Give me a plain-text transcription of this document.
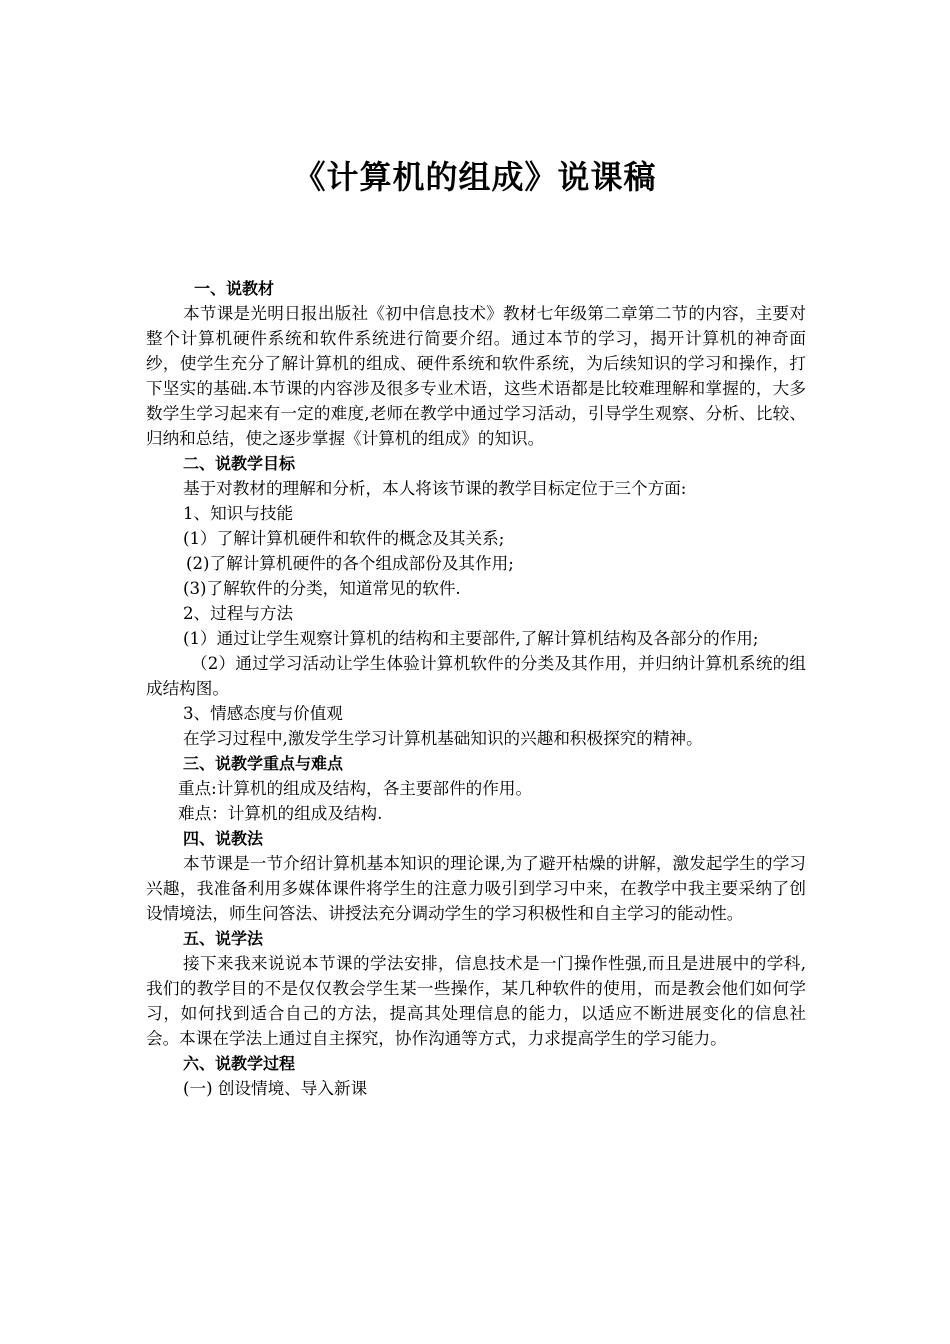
《计算机的组成》说课稿

一、说教材

本节课是光明日报出版社《初中信息技术》教材七年级第二章第二节的内容，主要对整个计算机硬件系统和软件系统进行简要介绍。通过本节的学习，揭开计算机的神奇面纱，使学生充分了解计算机的组成、硬件系统和软件系统，为后续知识的学习和操作，打下坚实的基础.本节课的内容涉及很多专业术语，这些术语都是比较难理解和掌握的，大多数学生学习起来有一定的难度,老师在教学中通过学习活动，引导学生观察、分析、比较、归纳和总结，使之逐步掌握《计算机的组成》的知识。

二、说教学目标

基于对教材的理解和分析，本人将该节课的教学目标定位于三个方面:

1、知识与技能

(1）了解计算机硬件和软件的概念及其关系;

(2)了解计算机硬件的各个组成部份及其作用;

(3)了解软件的分类，知道常见的软件.

2、过程与方法

(1）通过让学生观察计算机的结构和主要部件,了解计算机结构及各部分的作用;

（2）通过学习活动让学生体验计算机软件的分类及其作用，并归纳计算机系统的组成结构图。

3、情感态度与价值观

在学习过程中,激发学生学习计算机基础知识的兴趣和积极探究的精神。

三、说教学重点与难点

重点:计算机的组成及结构，各主要部件的作用。

难点：计算机的组成及结构.

四、说教法

本节课是一节介绍计算机基本知识的理论课,为了避开枯燥的讲解，激发起学生的学习兴趣，我准备利用多媒体课件将学生的注意力吸引到学习中来，在教学中我主要采纳了创设情境法，师生问答法、讲授法充分调动学生的学习积极性和自主学习的能动性。

五、说学法

接下来我来说说本节课的学法安排，信息技术是一门操作性强,而且是进展中的学科,我们的教学目的不是仅仅教会学生某一些操作，某几种软件的使用，而是教会他们如何学习，如何找到适合自己的方法，提高其处理信息的能力，以适应不断进展变化的信息社会。本课在学法上通过自主探究，协作沟通等方式，力求提高学生的学习能力。

六、说教学过程

(一) 创设情境、导入新课
